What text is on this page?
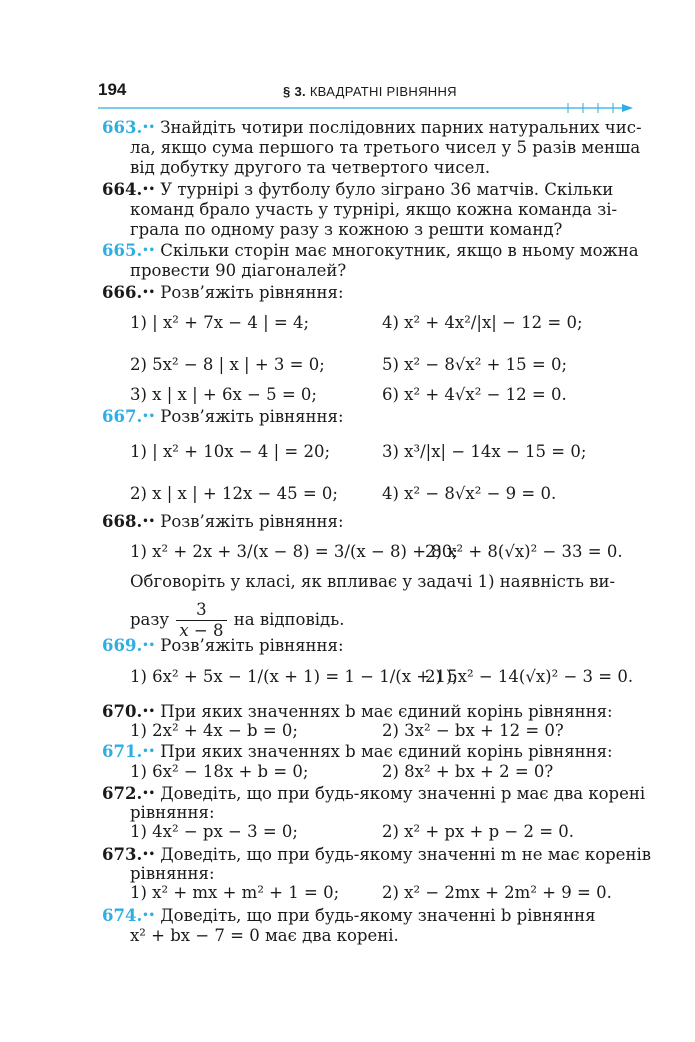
194	§ 3. КВАДРАТНІ РІВНЯННЯ
663.•• Знайдіть чотири послідовних парних натуральних чис-
ла, якщо сума першого та третього чисел у 5 разів менша
від добутку другого та четвертого чисел.
664.•• У турнірі з футболу було зіграно 36 матчів. Скільки
команд брало участь у турнірі, якщо кожна команда зі-
грала по одному разу з кожною з решти команд?
665.•• Скільки сторін має многокутник, якщо в ньому можна
провести 90 діагоналей?
666.•• Розв’яжіть рівняння:
1) | x² + 7x − 4 | = 4;	4) x² + 4x²/|x| − 12 = 0;
2) 5x² − 8 | x | + 3 = 0;	5) x² − 8√x² + 15 = 0;
3) x | x | + 6x − 5 = 0;	6) x² + 4√x² − 12 = 0.
667.•• Розв’яжіть рівняння:
1) | x² + 10x − 4 | = 20;	3) x³/|x| − 14x − 15 = 0;
2) x | x | + 12x − 45 = 0;	4) x² − 8√x² − 9 = 0.
668.•• Розв’яжіть рівняння:
1) x² + 2x + 3/(x − 8) = 3/(x − 8) + 80;
2) x² + 8(√x)² − 33 = 0.
Обговоріть у класі, як впливає у задачі 1) наявність ви-
разу $\frac{3}{x - 8}$ на відповідь.
669.•• Розв’яжіть рівняння:
1) 6x² + 5x − 1/(x + 1) = 1 − 1/(x + 1);
2) 5x² − 14(√x)² − 3 = 0.
670.•• При яких значеннях b має єдиний корінь рівняння:
1) 2x² + 4x − b = 0;	2) 3x² − bx + 12 = 0?
671.•• При яких значеннях b має єдиний корінь рівняння:
1) 6x² − 18x + b = 0;	2) 8x² + bx + 2 = 0?
672.•• Доведіть, що при будь-якому значенні p має два корені
рівняння:
1) 4x² − px − 3 = 0;	2) x² + px + p − 2 = 0.
673.•• Доведіть, що при будь-якому значенні m не має коренів
рівняння:
1) x² + mx + m² + 1 = 0;	2) x² − 2mx + 2m² + 9 = 0.
674.•• Доведіть, що при будь-якому значенні b рівняння
x² + bx − 7 = 0 має два корені.
